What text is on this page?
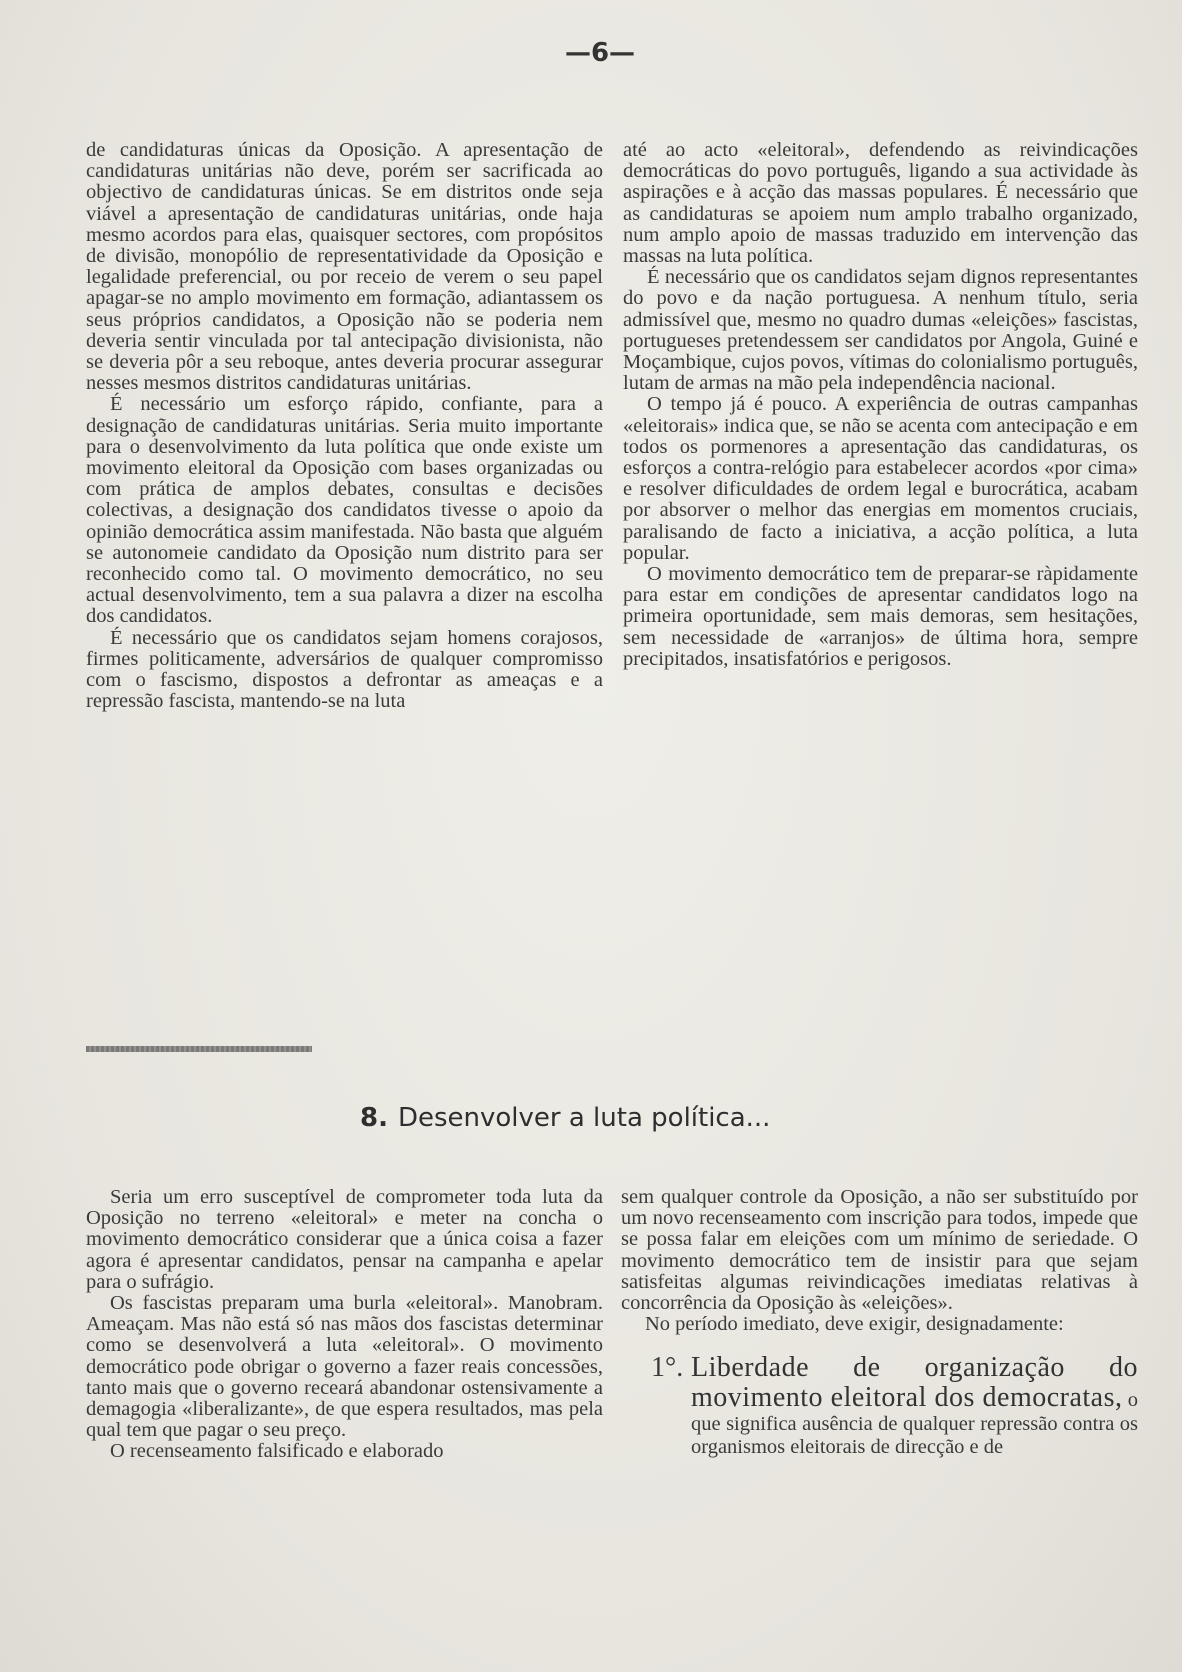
—6—

de candidaturas únicas da Oposição. A apresentação de candidaturas unitárias não deve, porém ser sacrificada ao objectivo de candidaturas únicas. Se em distritos onde seja viável a apresentação de candidaturas unitárias, onde haja mesmo acordos para elas, quaisquer sectores, com propósitos de divisão, monopólio de representatividade da Oposição e legalidade preferencial, ou por receio de verem o seu papel apagar-se no amplo movimento em formação, adiantassem os seus próprios candidatos, a Oposição não se poderia nem deveria sentir vinculada por tal antecipação divisionista, não se deveria pôr a seu reboque, antes deveria procurar assegurar nesses mesmos distritos candidaturas unitárias.

É necessário um esforço rápido, confiante, para a designação de candidaturas unitárias. Seria muito importante para o desenvolvimento da luta política que onde existe um movimento eleitoral da Oposição com bases organizadas ou com prática de amplos debates, consultas e decisões colectivas, a designação dos candidatos tivesse o apoio da opinião democrática assim manifestada. Não basta que alguém se autonomeie candidato da Oposição num distrito para ser reconhecido como tal. O movimento democrático, no seu actual desenvolvimento, tem a sua palavra a dizer na escolha dos candidatos.

É necessário que os candidatos sejam homens corajosos, firmes politicamente, adversários de qualquer compromisso com o fascismo, dispostos a defrontar as ameaças e a repressão fascista, mantendo-se na luta

até ao acto «eleitoral», defendendo as reivindicações democráticas do povo português, ligando a sua actividade às aspirações e à acção das massas populares. É necessário que as candidaturas se apoiem num amplo trabalho organizado, num amplo apoio de massas traduzido em intervenção das massas na luta política.

É necessário que os candidatos sejam dignos representantes do povo e da nação portuguesa. A nenhum título, seria admissível que, mesmo no quadro dumas «eleições» fascistas, portugueses pretendessem ser candidatos por Angola, Guiné e Moçambique, cujos povos, vítimas do colonialismo português, lutam de armas na mão pela independência nacional.

O tempo já é pouco. A experiência de outras campanhas «eleitorais» indica que, se não se acenta com antecipação e em todos os pormenores a apresentação das candidaturas, os esforços a contra-relógio para estabelecer acordos «por cima» e resolver dificuldades de ordem legal e burocrática, acabam por absorver o melhor das energias em momentos cruciais, paralisando de facto a iniciativa, a acção política, a luta popular.

O movimento democrático tem de preparar-se ràpidamente para estar em condições de apresentar candidatos logo na primeira oportunidade, sem mais demoras, sem hesitações, sem necessidade de «arranjos» de última hora, sempre precipitados, insatisfatórios e perigosos.

8. Desenvolver a luta política...

Seria um erro susceptível de comprometer toda luta da Oposição no terreno «eleitoral» e meter na concha o movimento democrático considerar que a única coisa a fazer agora é apresentar candidatos, pensar na campanha e apelar para o sufrágio.

Os fascistas preparam uma burla «eleitoral». Manobram. Ameaçam. Mas não está só nas mãos dos fascistas determinar como se desenvolverá a luta «eleitoral». O movimento democrático pode obrigar o governo a fazer reais concessões, tanto mais que o governo receará abandonar ostensivamente a demagogia «liberalizante», de que espera resultados, mas pela qual tem que pagar o seu preço.

O recenseamento falsificado e elaborado

sem qualquer controle da Oposição, a não ser substituído por um novo recenseamento com inscrição para todos, impede que se possa falar em eleições com um mínimo de seriedade. O movimento democrático tem de insistir para que sejam satisfeitas algumas reivindicações imediatas relativas à concorrência da Oposição às «eleições».

No período imediato, deve exigir, designadamente:

1°. Liberdade de organização do movimento eleitoral dos democratas, o que significa ausência de qualquer repressão contra os organismos eleitorais de direcção e de
